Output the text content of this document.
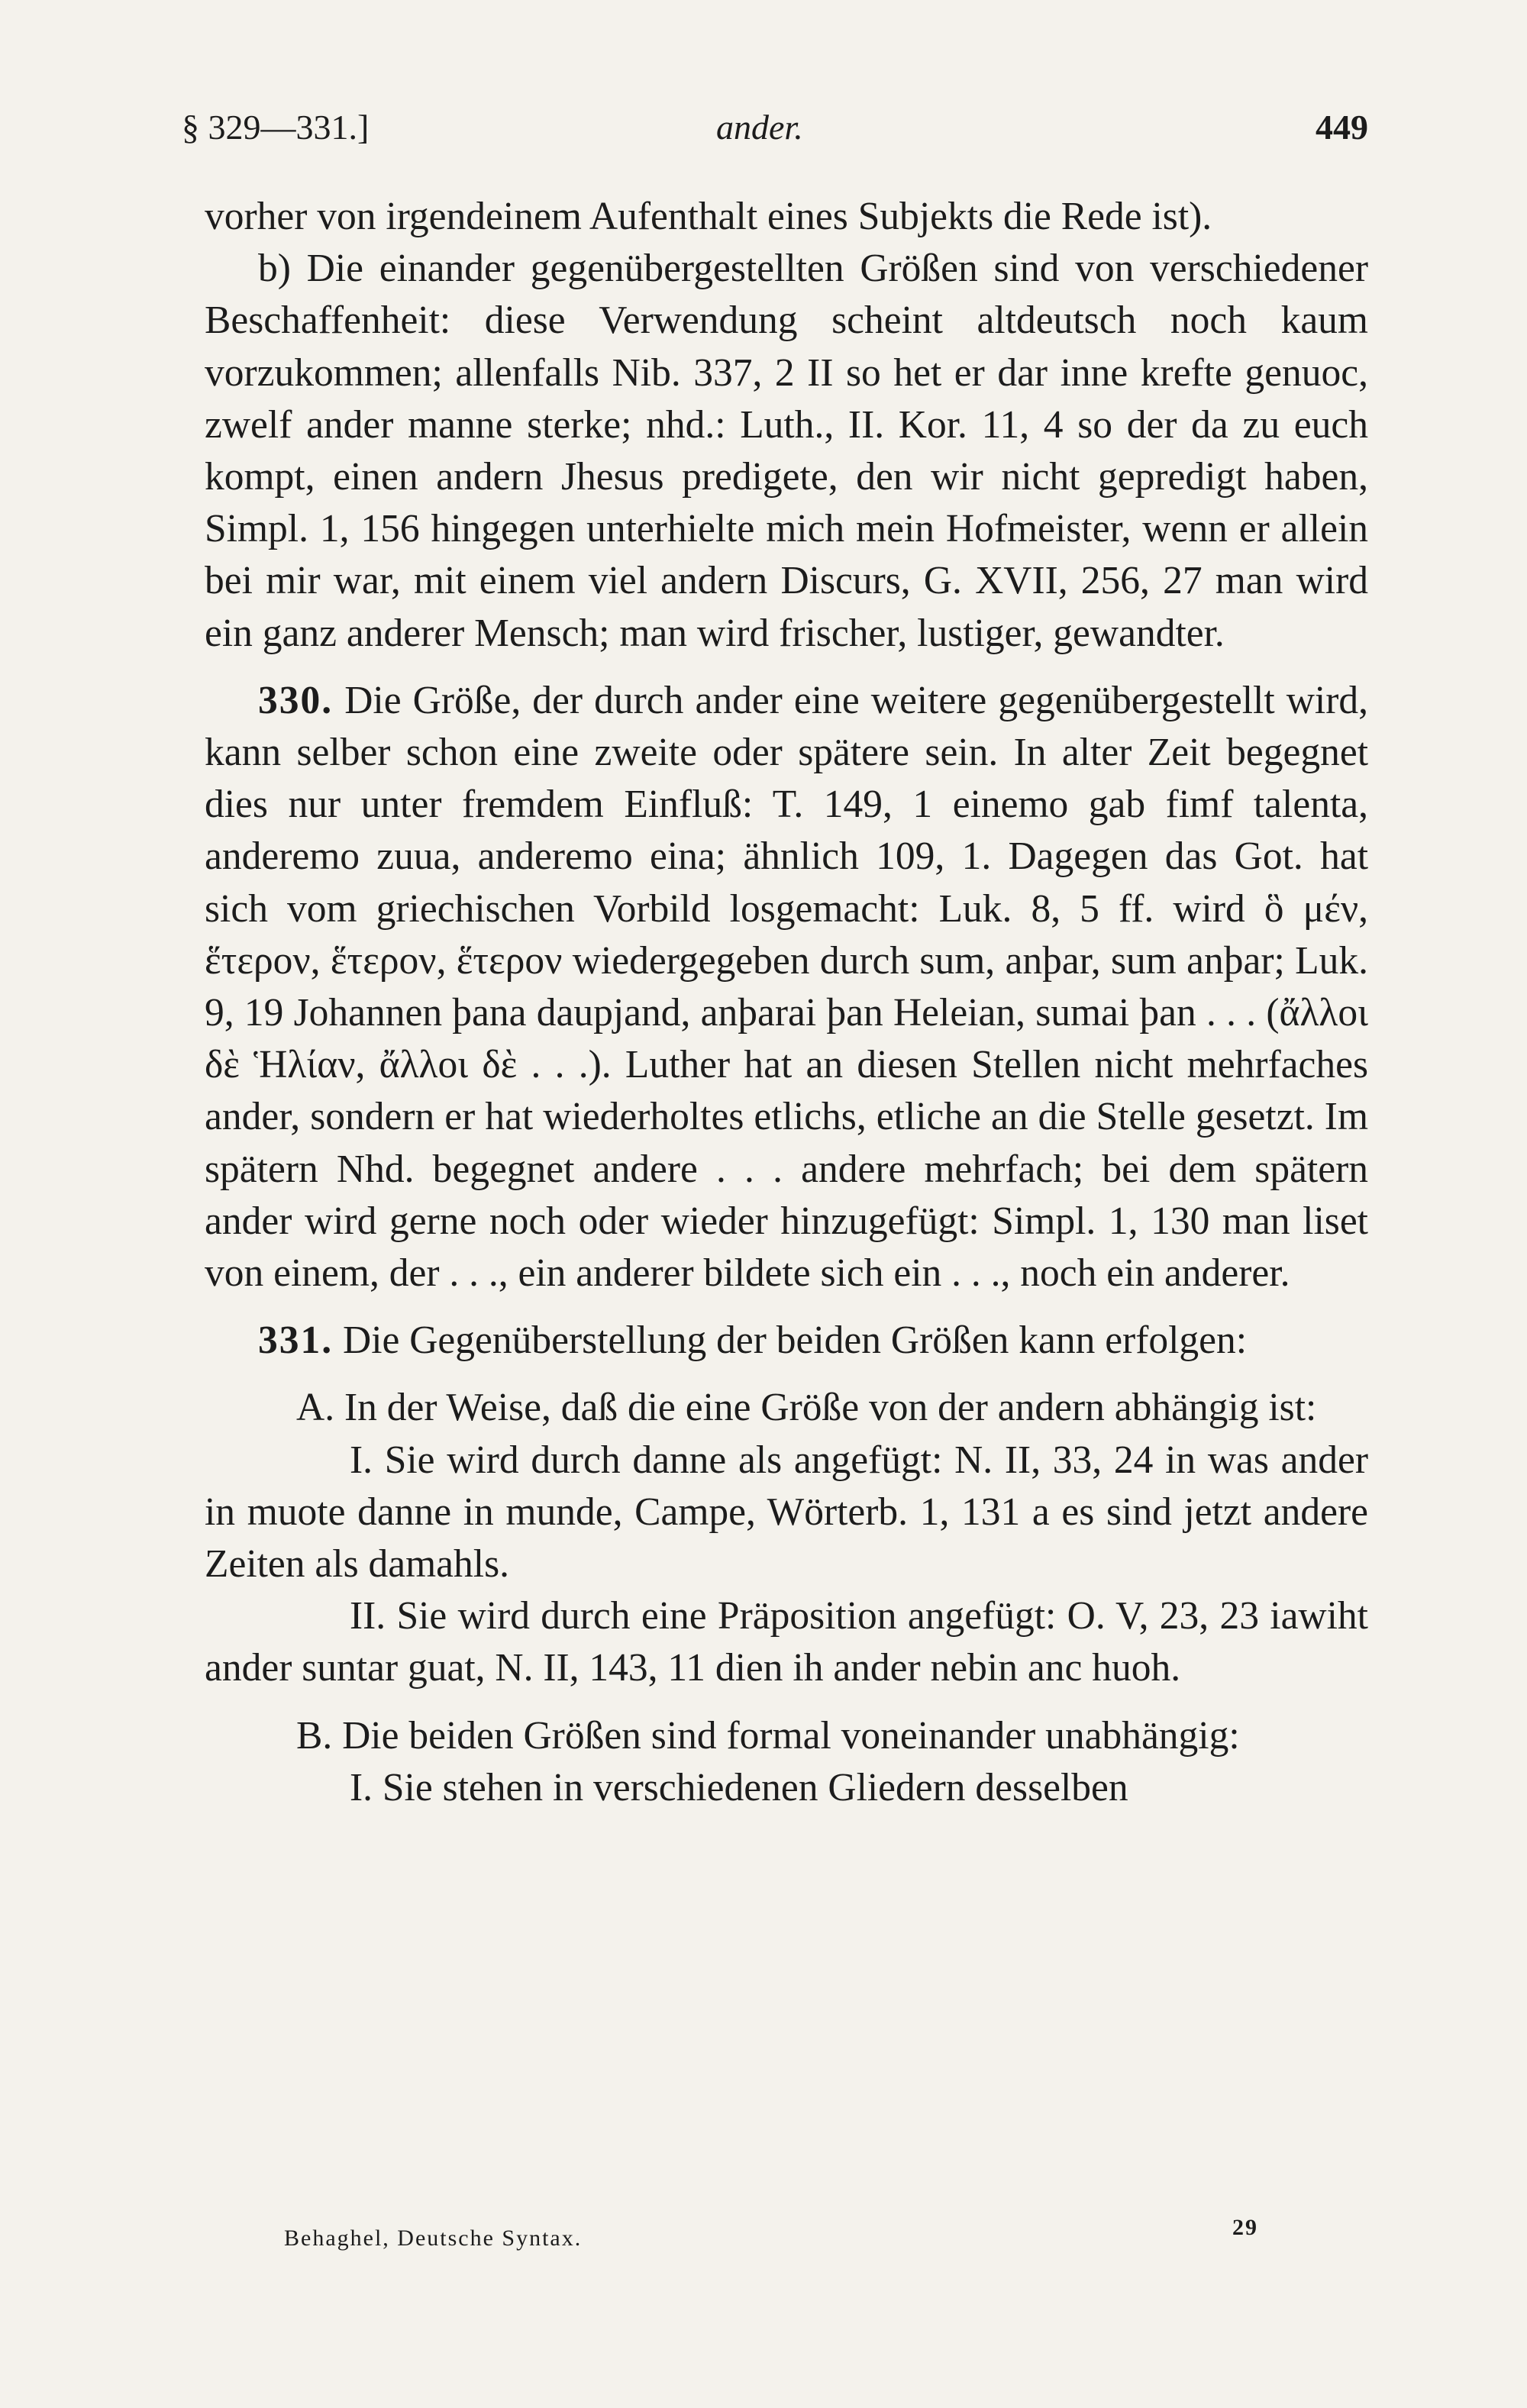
§ 329—331.]	ander.	449

vorher von irgendeinem Aufenthalt eines Subjekts die Rede ist).

b) Die einander gegenübergestellten Größen sind von verschiedener Beschaffenheit: diese Verwendung scheint altdeutsch noch kaum vorzukommen; allenfalls Nib. 337, 2 II so het er dar inne krefte genuoc, zwelf ander manne sterke; nhd.: Luth., II. Kor. 11, 4 so der da zu euch kompt, einen andern Jhesus predigete, den wir nicht gepredigt haben, Simpl. 1, 156 hingegen unterhielte mich mein Hofmeister, wenn er allein bei mir war, mit einem viel andern Discurs, G. XVII, 256, 27 man wird ein ganz anderer Mensch; man wird frischer, lustiger, gewandter.

330. Die Größe, der durch ander eine weitere gegenübergestellt wird, kann selber schon eine zweite oder spätere sein. In alter Zeit begegnet dies nur unter fremdem Einfluß: T. 149, 1 einemo gab fimf talenta, anderemo zuua, anderemo eina; ähnlich 109, 1. Dagegen das Got. hat sich vom griechischen Vorbild losgemacht: Luk. 8, 5 ff. wird ὃ μέν, ἕτερον, ἕτερον, ἕτερον wiedergegeben durch sum, anþar, sum anþar; Luk. 9, 19 Johannen þana daupjand, anþarai þan Heleian, sumai þan . . . (ἄλλοι δὲ Ἡλίαν, ἄλλοι δὲ . . .). Luther hat an diesen Stellen nicht mehrfaches ander, sondern er hat wiederholtes etlichs, etliche an die Stelle gesetzt. Im spätern Nhd. begegnet andere . . . andere mehrfach; bei dem spätern ander wird gerne noch oder wieder hinzugefügt: Simpl. 1, 130 man liset von einem, der . . ., ein anderer bildete sich ein . . ., noch ein anderer.

331. Die Gegenüberstellung der beiden Größen kann erfolgen:

A. In der Weise, daß die eine Größe von der andern abhängig ist:

I. Sie wird durch danne als angefügt: N. II, 33, 24 in was ander in muote danne in munde, Campe, Wörterb. 1, 131 a es sind jetzt andere Zeiten als damahls.

II. Sie wird durch eine Präposition angefügt: O. V, 23, 23 iawiht ander suntar guat, N. II, 143, 11 dien ih ander nebin anc huoh.

B. Die beiden Größen sind formal voneinander unabhängig:

I. Sie stehen in verschiedenen Gliedern desselben

Behaghel, Deutsche Syntax.	29
